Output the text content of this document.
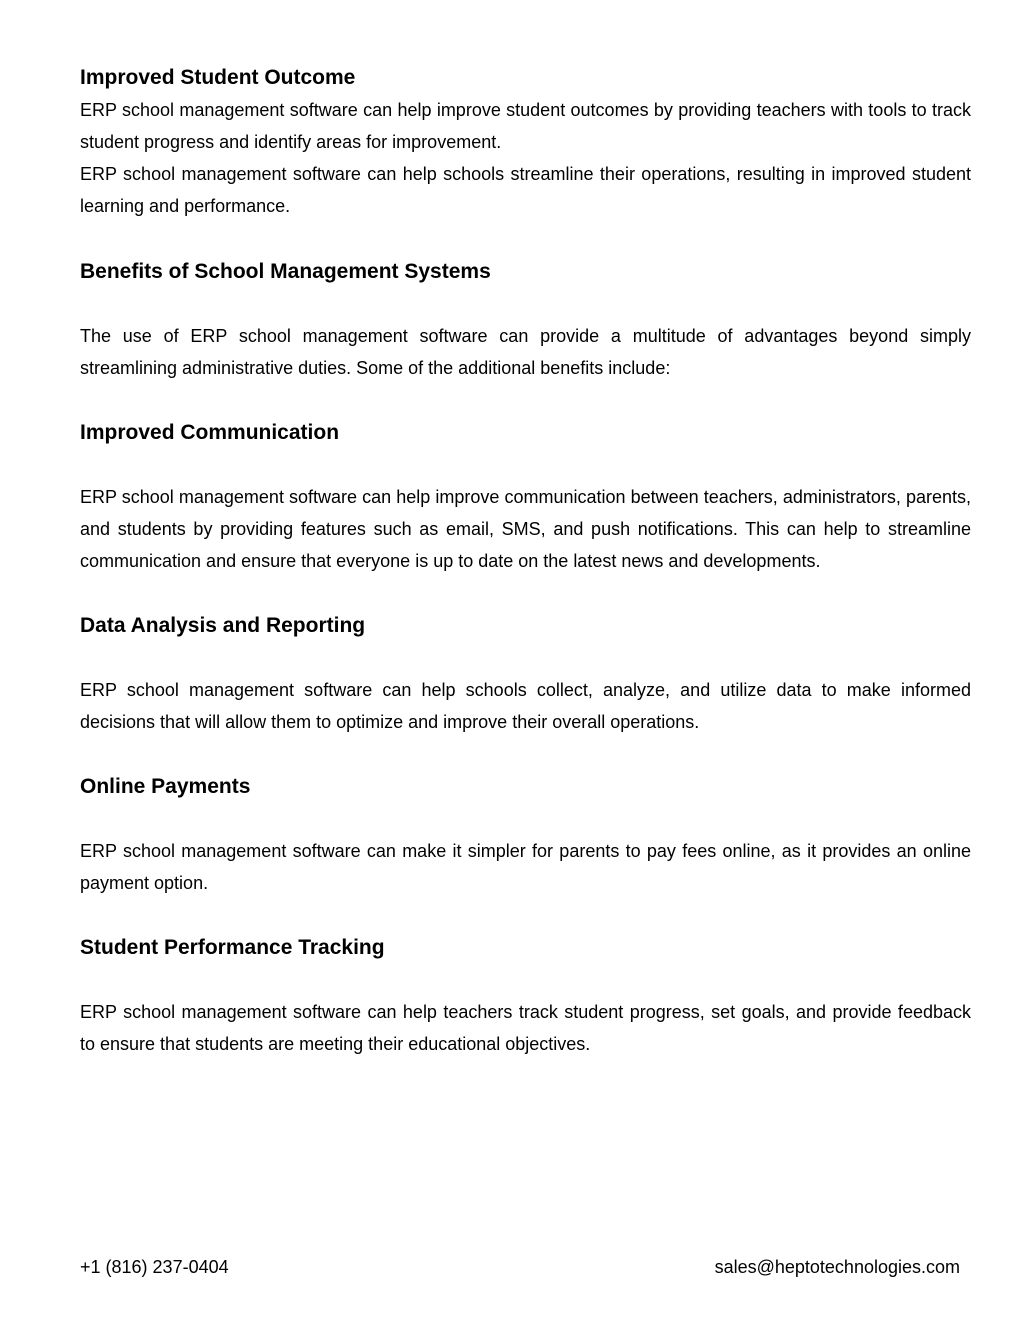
Improved Student Outcome

ERP school management software can help improve student outcomes by providing teachers with tools to track student progress and identify areas for improvement.

ERP school management software can help schools streamline their operations, resulting in improved student learning and performance.

Benefits of School Management Systems

The use of ERP school management software can provide a multitude of advantages beyond simply streamlining administrative duties. Some of the additional benefits include:

Improved Communication

ERP school management software can help improve communication between teachers, administrators, parents, and students by providing features such as email, SMS, and push notifications. This can help to streamline communication and ensure that everyone is up to date on the latest news and developments.

Data Analysis and Reporting

ERP school management software can help schools collect, analyze, and utilize data to make informed decisions that will allow them to optimize and improve their overall operations.

Online Payments

ERP school management software can make it simpler for parents to pay fees online, as it provides an online payment option.

Student Performance Tracking

ERP school management software can help teachers track student progress, set goals, and provide feedback to ensure that students are meeting their educational objectives.

+1 (816) 237-0404	sales@heptotechnologies.com
